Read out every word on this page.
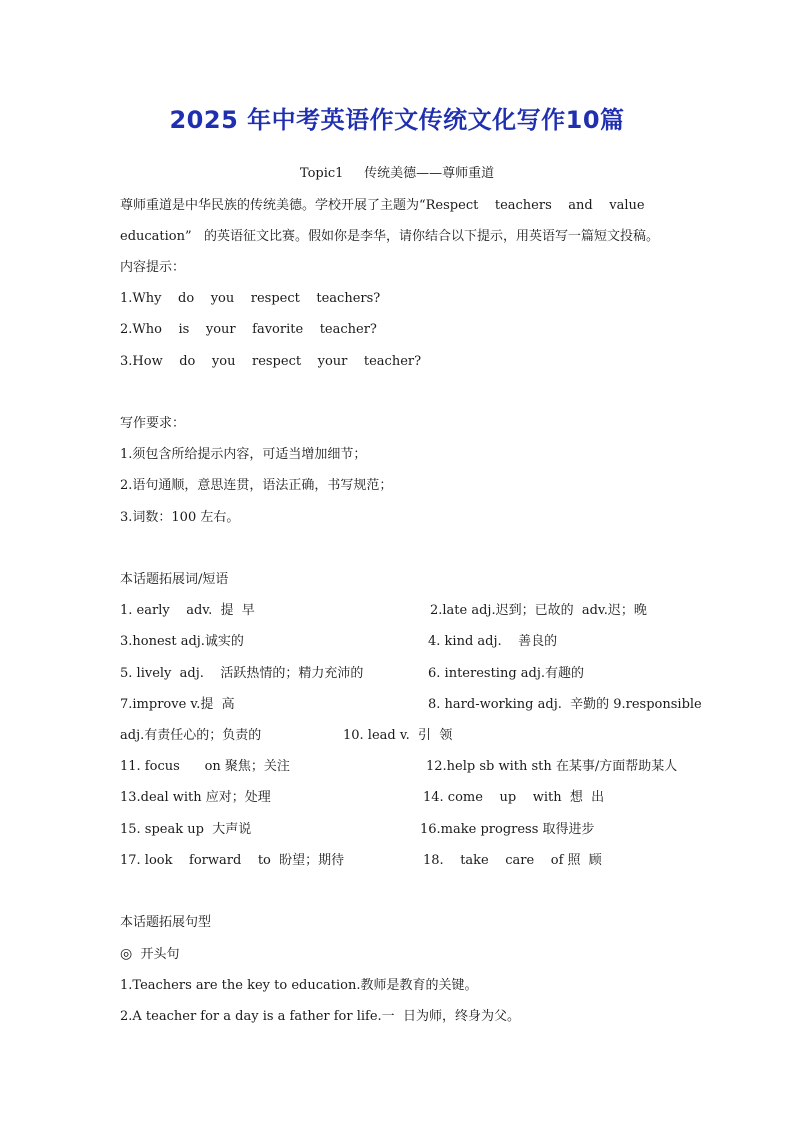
2025 年中考英语作文传统文化写作10篇
Topic1     传统美德——尊师重道
尊师重道是中华民族的传统美德。学校开展了主题为“Respect    teachers    and    value
education”   的英语征文比赛。假如你是李华，请你结合以下提示，用英语写一篇短文投稿。
内容提示：
1.Why    do    you    respect    teachers?
2.Who    is    your    favorite    teacher?
3.How    do    you    respect    your    teacher?
写作要求：
1.须包含所给提示内容，可适当增加细节；
2.语句通顺，意思连贯，语法正确，书写规范；
3.词数：100 左右。
本话题拓展词/短语
1. early    adv.  提  早	2.late adj.迟到；已故的  adv.迟；晚
3.honest adj.诚实的	4. kind adj.    善良的
5. lively  adj.    活跃热情的；精力充沛的	6. interesting adj.有趣的
7.improve v.提  高	8. hard-working adj.  辛勤的 9.responsible
adj.有责任心的；负责的	10. lead v.  引  领
11. focus      on 聚焦；关注	12.help sb with sth 在某事/方面帮助某人
13.deal with 应对；处理	14. come    up    with  想  出
15. speak up  大声说	16.make progress 取得进步
17. look    forward    to  盼望；期待	18.    take    care    of 照  顾
本话题拓展句型
◎ 开头句
1.Teachers are the key to education.教师是教育的关键。
2.A teacher for a day is a father for life.一  日为师，终身为父。
